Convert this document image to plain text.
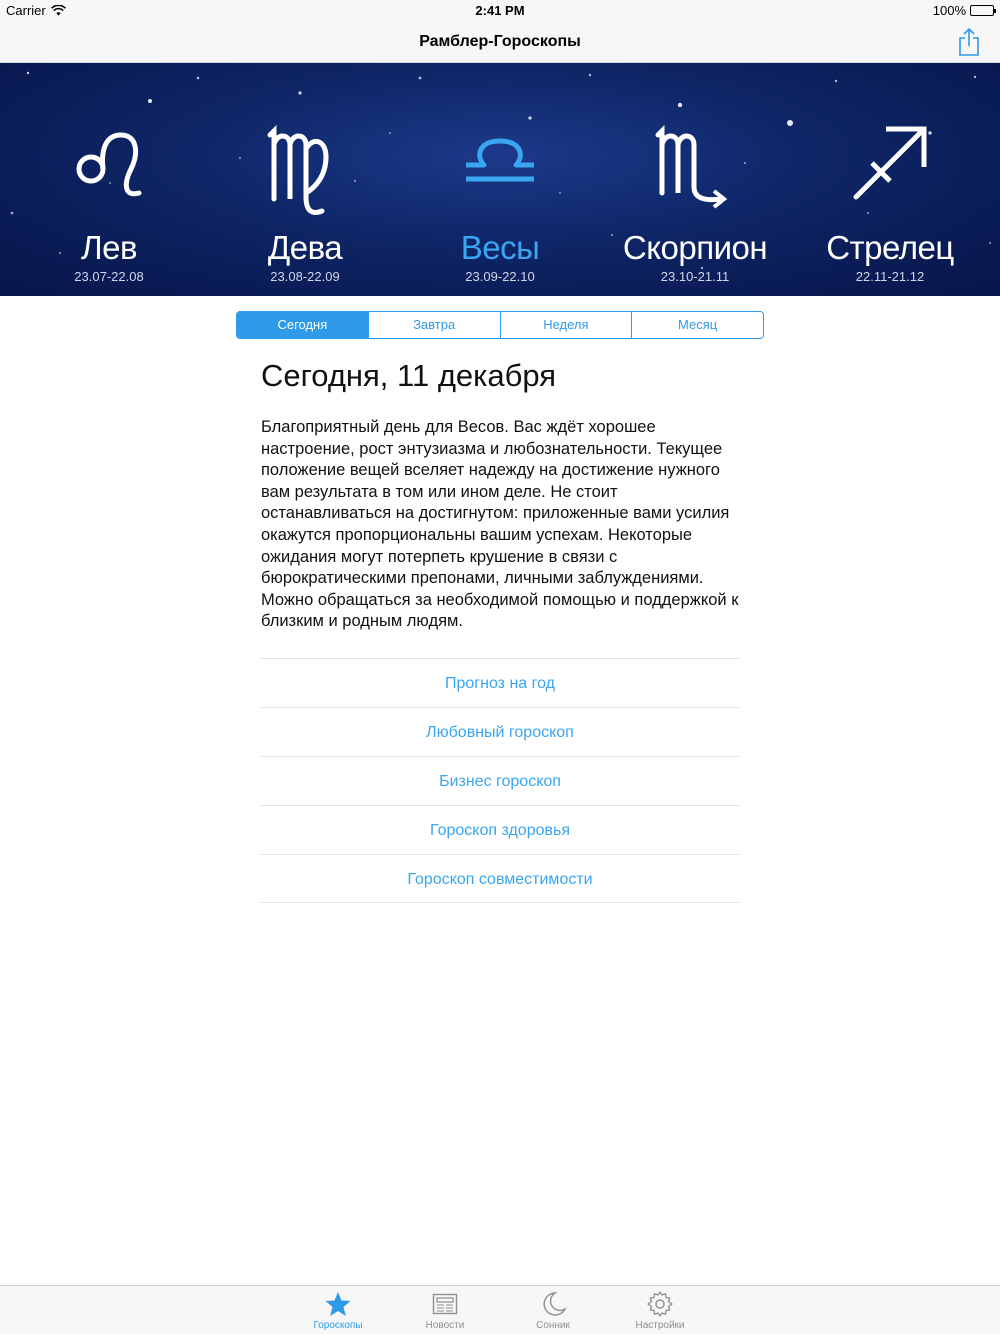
Carrier	2:41 PM	100%
Рамблер-Гороскопы
Лев
23.07-22.08
Дева
23.08-22.09
Весы
23.09-22.10
Скорпион
23.10-21.11
Стрелец
22.11-21.12
Сегодня	Завтра	Неделя	Месяц
Сегодня, 11 декабря

Благоприятный день для Весов. Вас ждёт хорошее настроение, рост энтузиазма и любознательности. Текущее положение вещей вселяет надежду на достижение нужного вам результата в том или ином деле. Не стоит останавливаться на достигнутом: приложенные вами усилия окажутся пропорциональны вашим успехам. Некоторые ожидания могут потерпеть крушение в связи с бюрократическими препонами, личными заблуждениями. Можно обращаться за необходимой помощью и поддержкой к близким и родным людям.

Прогноз на год
Любовный гороскоп
Бизнес гороскоп
Гороскоп здоровья
Гороскоп совместимости
Гороскопы	Новости	Сонник	Настройки
